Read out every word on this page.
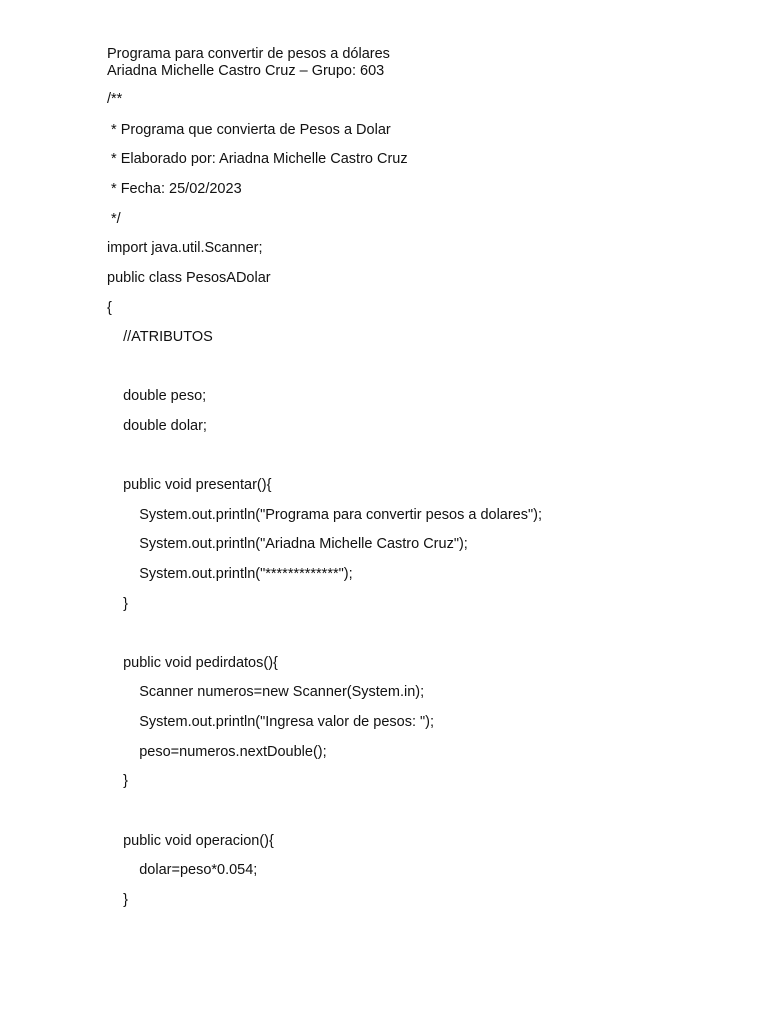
Programa para convertir de pesos a dólares
Ariadna Michelle Castro Cruz – Grupo: 603
/**
* Programa que convierta de Pesos a Dolar
* Elaborado por: Ariadna Michelle Castro Cruz
* Fecha: 25/02/2023
*/
import java.util.Scanner;
public class PesosADolar
{
//ATRIBUTOS
double peso;
double dolar;
public void presentar(){
System.out.println("Programa para convertir pesos a dolares");
System.out.println("Ariadna Michelle Castro Cruz");
System.out.println("*************");
}
public void pedirdatos(){
Scanner numeros=new Scanner(System.in);
System.out.println("Ingresa valor de pesos: ");
peso=numeros.nextDouble();
}
public void operacion(){
dolar=peso*0.054;
}
